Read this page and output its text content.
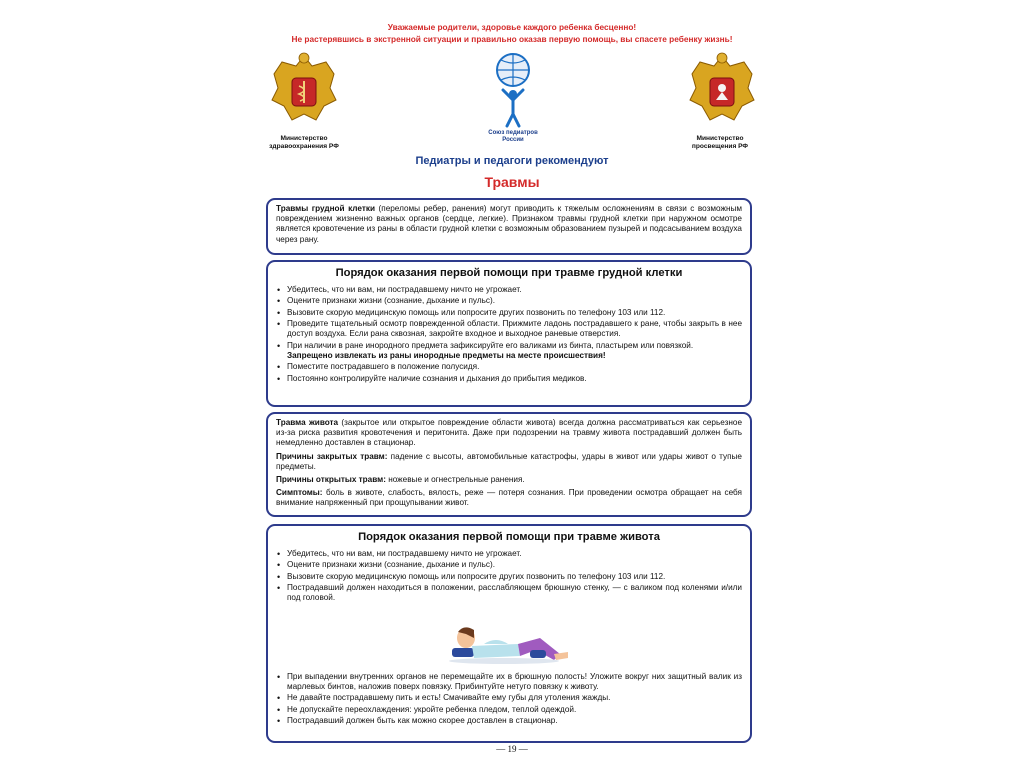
Уважаемые родители, здоровье каждого ребенка бесценно!
Не растерявшись в экстренной ситуации и правильно оказав первую помощь, вы спасете ребенку жизнь!
Министерство здравоохранения РФ
Союз педиатров России	Министерство просвещения РФ
Педиатры и педагоги рекомендуют
Травмы
Травмы грудной клетки (переломы ребер, ранения) могут приводить к тяжелым осложнениям в связи с возможным повреждением жизненно важных органов (сердце, легкие). Признаком травмы грудной клетки при наружном осмотре является кровотечение из раны в области грудной клетки с возможным образованием пузырей и подсасыванием воздуха через рану.
Порядок оказания первой помощи при травме грудной клетки
• Убедитесь, что ни вам, ни пострадавшему ничто не угрожает.
• Оцените признаки жизни (сознание, дыхание и пульс).
• Вызовите скорую медицинскую помощь или попросите других позвонить по телефону 103 или 112.
• Проведите тщательный осмотр поврежденной области. Прижмите ладонь пострадавшего к ране, чтобы закрыть в нее доступ воздуха. Если рана сквозная, закройте входное и выходное раневые отверстия.
• При наличии в ране инородного предмета зафиксируйте его валиками из бинта, пластырем или повязкой.
Запрещено извлекать из раны инородные предметы на месте происшествия!
• Поместите пострадавшего в положение полусидя.
• Постоянно контролируйте наличие сознания и дыхания до прибытия медиков.

Травма живота (закрытое или открытое повреждение области живота) всегда должна рассматриваться как серьезное из-за риска развития кровотечения и перитонита. Даже при подозрении на травму живота пострадавший должен быть немедленно доставлен в стационар.

Причины закрытых травм: падение с высоты, автомобильные катастрофы, удары в живот или удары живот о тупые предметы.

Причины открытых травм: ножевые и огнестрельные ранения.

Симптомы: боль в животе, слабость, вялость, реже — потеря сознания. При проведении осмотра обращает на себя внимание напряженный при прощупывании живот.

Порядок оказания первой помощи при травме живота
• Убедитесь, что ни вам, ни пострадавшему ничто не угрожает.
• Оцените признаки жизни (сознание, дыхание и пульс).
• Вызовите скорую медицинскую помощь или попросите других позвонить по телефону 103 или 112.
• Пострадавший должен находиться в положении, расслабляющем брюшную стенку, — с валиком под коленями и/или под головой.
• При выпадении внутренних органов не перемещайте их в брюшную полость! Уложите вокруг них защитный валик из марлевых бинтов, наложив поверх повязку. Прибинтуйте нетугo повязку к животу.
• Не давайте пострадавшему пить и есть! Смачивайте ему губы для утоления жажды.
• Не допускайте переохлаждения: укройте ребенка пледом, теплой одеждой.
• Пострадавший должен быть как можно скорее доставлен в стационар.
— 19 —
